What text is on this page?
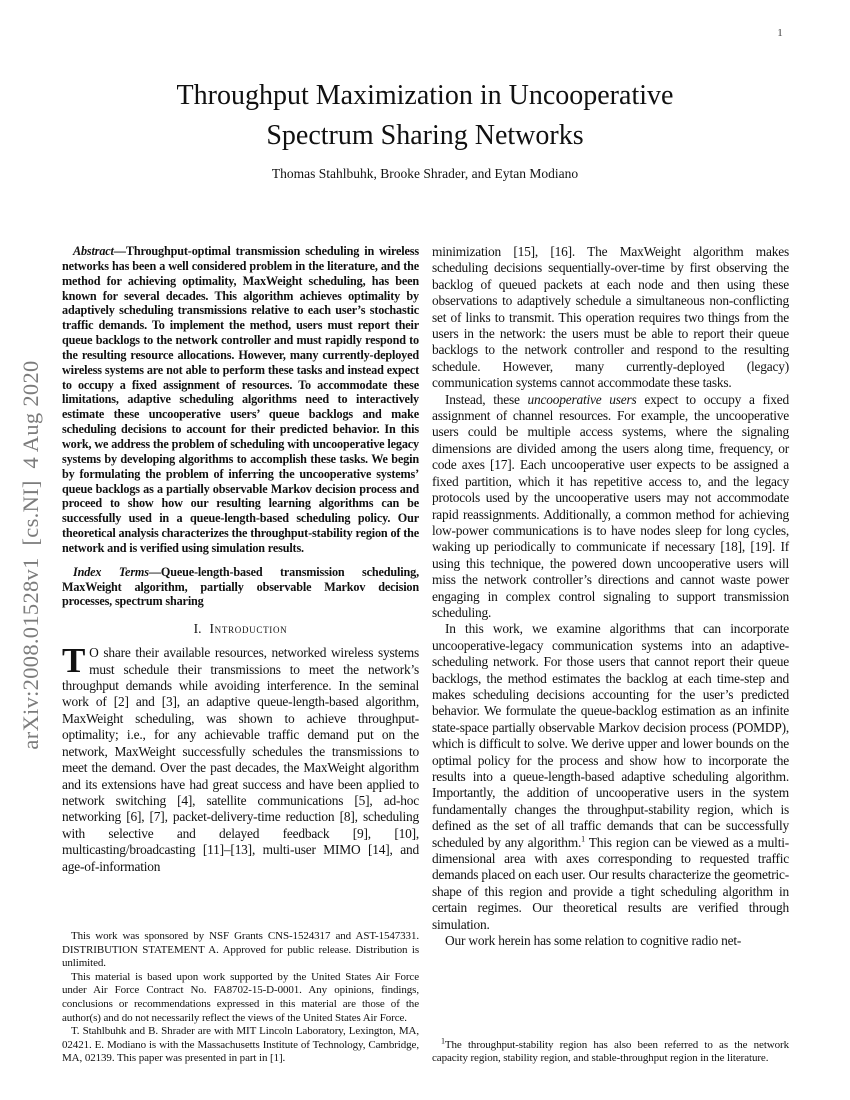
1
arXiv:2008.01528v1  [cs.NI]  4 Aug 2020
Throughput Maximization in Uncooperative
Spectrum Sharing Networks
Thomas Stahlbuhk, Brooke Shrader, and Eytan Modiano

Abstract—Throughput-optimal transmission scheduling in wireless networks has been a well considered problem in the literature, and the method for achieving optimality, MaxWeight scheduling, has been known for several decades. This algorithm achieves optimality by adaptively scheduling transmissions relative to each user’s stochastic traffic demands. To implement the method, users must report their queue backlogs to the network controller and must rapidly respond to the resulting resource allocations. However, many currently-deployed wireless systems are not able to perform these tasks and instead expect to occupy a fixed assignment of resources. To accommodate these limitations, adaptive scheduling algorithms need to interactively estimate these uncooperative users’ queue backlogs and make scheduling decisions to account for their predicted behavior. In this work, we address the problem of scheduling with uncooperative legacy systems by developing algorithms to accomplish these tasks. We begin by formulating the problem of inferring the uncooperative systems’ queue backlogs as a partially observable Markov decision process and proceed to show how our resulting learning algorithms can be successfully used in a queue-length-based scheduling policy. Our theoretical analysis characterizes the throughput-stability region of the network and is verified using simulation results.

Index Terms—Queue-length-based transmission scheduling, MaxWeight algorithm, partially observable Markov decision processes, spectrum sharing

I. Introduction

T O share their available resources, networked wireless systems must schedule their transmissions to meet the network’s throughput demands while avoiding interference. In the seminal work of [2] and [3], an adaptive queue-length-based algorithm, MaxWeight scheduling, was shown to achieve throughput-optimality; i.e., for any achievable traffic demand put on the network, MaxWeight successfully schedules the transmissions to meet the demand. Over the past decades, the MaxWeight algorithm and its extensions have had great success and have been applied to network switching [4], satellite communications [5], ad-hoc networking [6], [7], packet-delivery-time reduction [8], scheduling with selective and delayed feedback [9], [10], multicasting/broadcasting [11]–[13], multi-user MIMO [14], and age-of-information

This work was sponsored by NSF Grants CNS-1524317 and AST-1547331. DISTRIBUTION STATEMENT A. Approved for public release. Distribution is unlimited.

This material is based upon work supported by the United States Air Force under Air Force Contract No. FA8702-15-D-0001. Any opinions, findings, conclusions or recommendations expressed in this material are those of the author(s) and do not necessarily reflect the views of the United States Air Force.

T. Stahlbuhk and B. Shrader are with MIT Lincoln Laboratory, Lexington, MA, 02421. E. Modiano is with the Massachusetts Institute of Technology, Cambridge, MA, 02139. This paper was presented in part in [1].

minimization [15], [16]. The MaxWeight algorithm makes scheduling decisions sequentially-over-time by first observing the backlog of queued packets at each node and then using these observations to adaptively schedule a simultaneous non-conflicting set of links to transmit. This operation requires two things from the users in the network: the users must be able to report their queue backlogs to the network controller and respond to the resulting schedule. However, many currently-deployed (legacy) communication systems cannot accommodate these tasks.

Instead, these uncooperative users expect to occupy a fixed assignment of channel resources. For example, the uncooperative users could be multiple access systems, where the signaling dimensions are divided among the users along time, frequency, or code axes [17]. Each uncooperative user expects to be assigned a fixed partition, which it has repetitive access to, and the legacy protocols used by the uncooperative users may not accommodate rapid reassignments. Additionally, a common method for achieving low-power communications is to have nodes sleep for long cycles, waking up periodically to communicate if necessary [18], [19]. If using this technique, the powered down uncooperative users will miss the network controller’s directions and cannot waste power engaging in complex control signaling to support transmission scheduling.

In this work, we examine algorithms that can incorporate uncooperative-legacy communication systems into an adaptive-scheduling network. For those users that cannot report their queue backlogs, the method estimates the backlog at each time-step and makes scheduling decisions accounting for the user’s predicted behavior. We formulate the queue-backlog estimation as an infinite state-space partially observable Markov decision process (POMDP), which is difficult to solve. We derive upper and lower bounds on the optimal policy for the process and show how to incorporate the results into a queue-length-based adaptive scheduling algorithm. Importantly, the addition of uncooperative users in the system fundamentally changes the throughput-stability region, which is defined as the set of all traffic demands that can be successfully scheduled by any algorithm.$^1$ This region can be viewed as a multi-dimensional area with axes corresponding to requested traffic demands placed on each user. Our results characterize the geometric-shape of this region and provide a tight scheduling algorithm in certain regimes. Our theoretical results are verified through simulation.

Our work herein has some relation to cognitive radio net-

$^1$The throughput-stability region has also been referred to as the network capacity region, stability region, and stable-throughput region in the literature.
